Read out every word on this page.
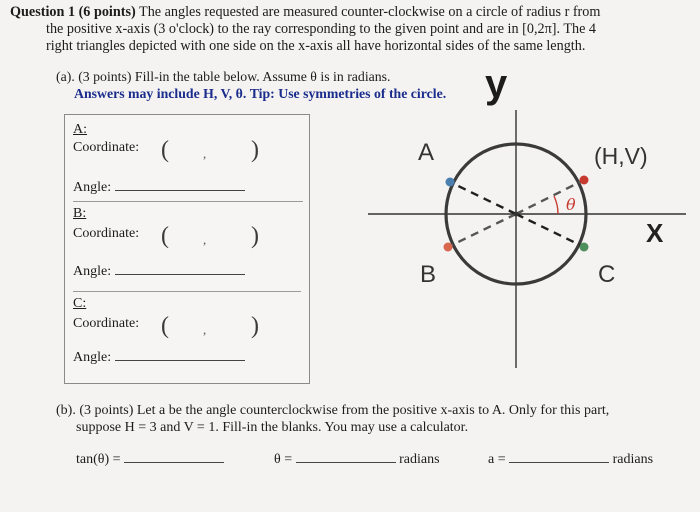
Question 1 (6 points) The angles requested are measured counter-clockwise on a circle of radius r from
the positive x-axis (3 o'clock) to the ray corresponding to the given point and are in [0,2π]. The 4
right triangles depicted with one side on the x-axis all have horizontal sides of the same length.
(a). (3 points) Fill-in the table below. Assume θ is in radians.
Answers may include H, V, θ. Tip: Use symmetries of the circle. y
A:
Coordinate: (	, )
Angle:
B:
Coordinate: (	, )
Angle:
C:
Coordinate: (	, )
Angle:
θ
A
B	C
(H,V)
X
(b). (3 points) Let a be the angle counterclockwise from the positive x-axis to A. Only for this part,
suppose H = 3 and V = 1. Fill-in the blanks. You may use a calculator.
tan(θ) =	θ =	radians	a =	radians
